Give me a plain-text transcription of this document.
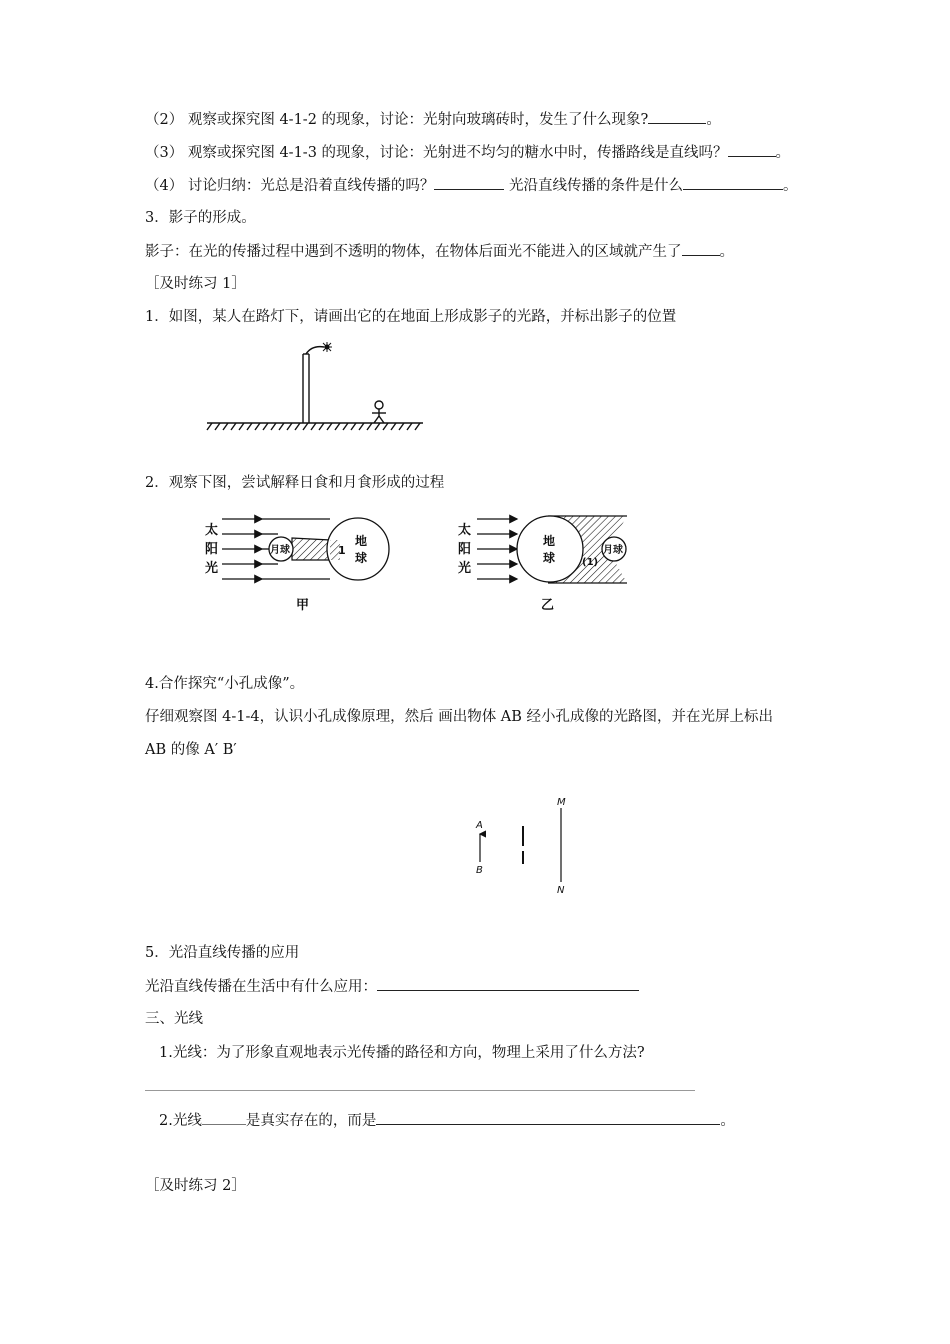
（2） 观察或探究图 4-1-2 的现象，讨论：光射向玻璃砖时，发生了什么现象?	。
（3） 观察或探究图 4-1-3 的现象，讨论：光射进不均匀的糖水中时，传播路线是直线吗？	。
（4） 讨论归纳：光总是沿着直线传播的吗？	光沿直线传播的条件是什么	。
3．影子的形成。
影子：在光的传播过程中遇到不透明的物体，在物体后面光不能进入的区域就产生了	。
［及时练习 1］
1．如图，某人在路灯下，请画出它的在地面上形成影子的光路，并标出影子的位置
2．观察下图，尝试解释日食和月食形成的过程
太
阳
光
月球	1
地
球
甲
太
阳
光
地
球	(1)
月球
乙
4.合作探究“小孔成像”。
仔细观察图 4-1-4，认识小孔成像原理，然后 画出物体 AB 经小孔成像的光路图，并在光屏上标出
AB 的像 A′ B′
A
B
M
N
5．光沿直线传播的应用
光沿直线传播在生活中有什么应用：
三、光线
1.光线：为了形象直观地表示光传播的路径和方向，物理上采用了什么方法?
2.光线	是真实存在的，而是	。
［及时练习 2］
